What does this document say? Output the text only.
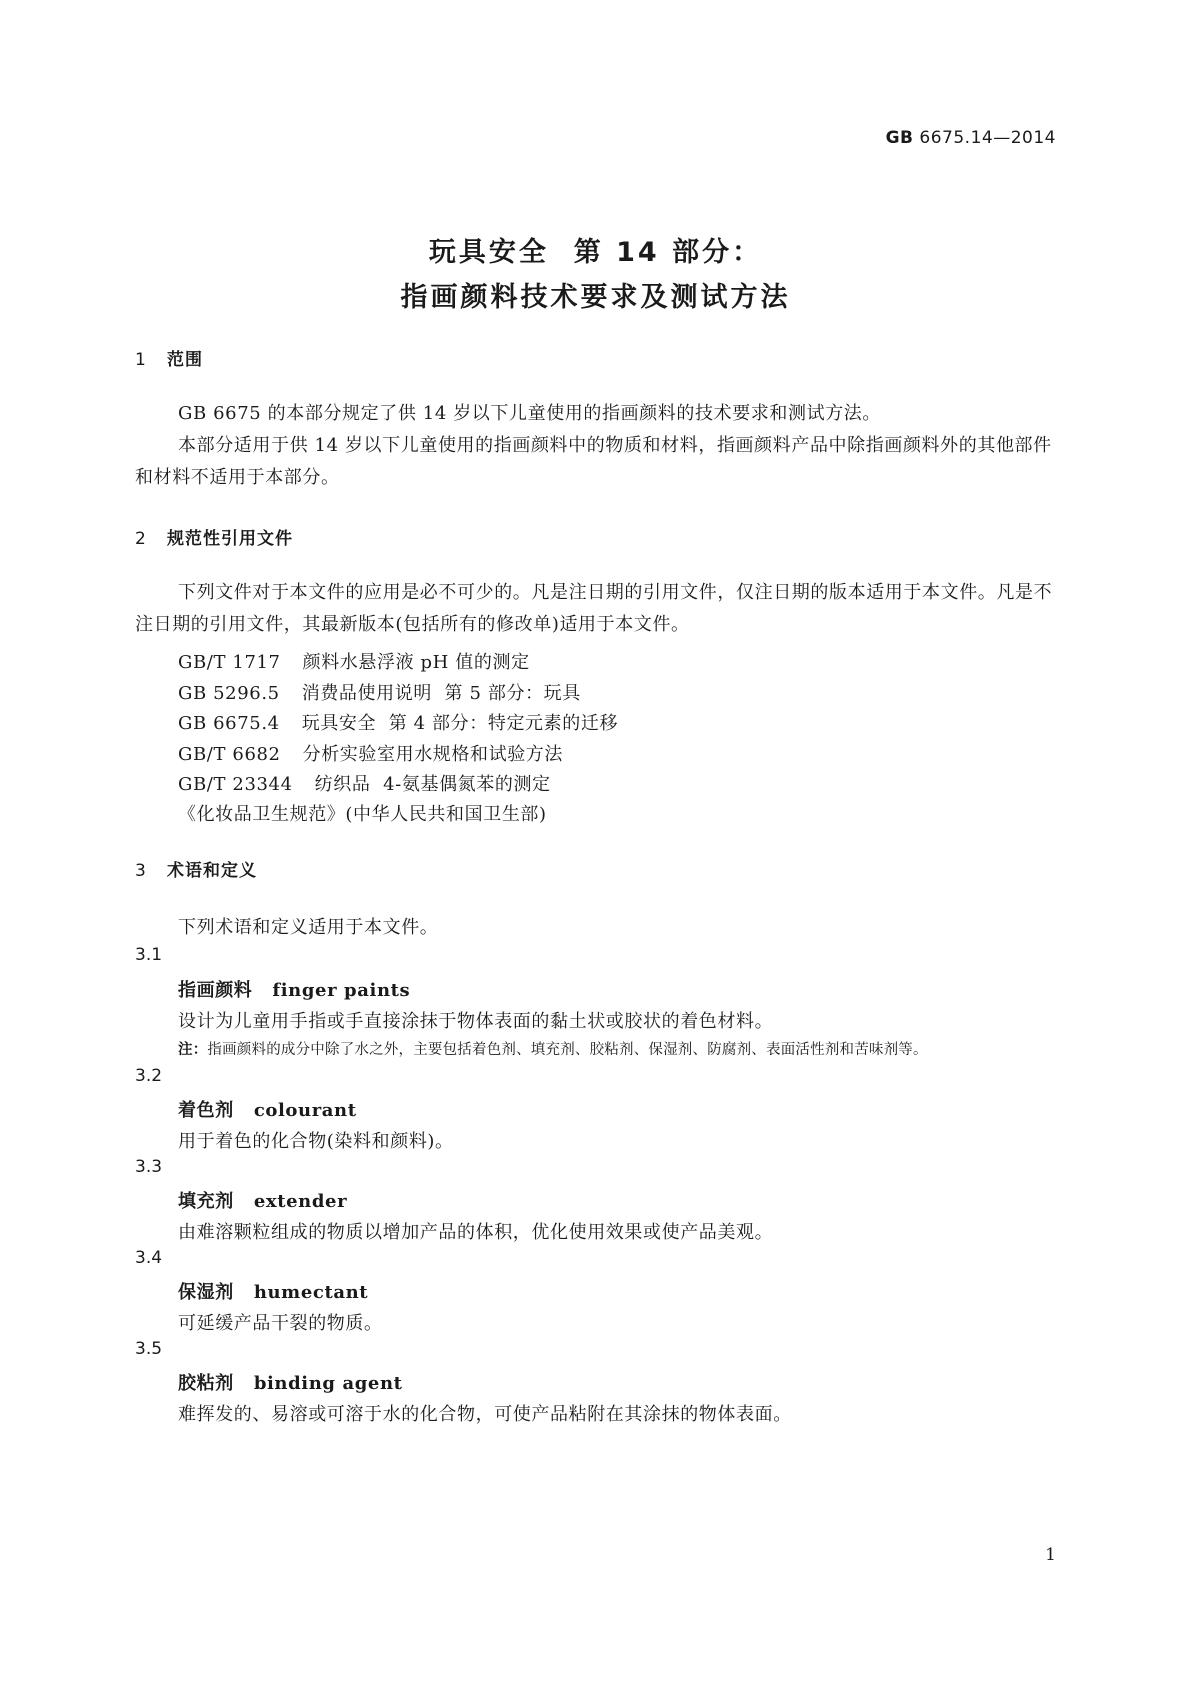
GB 6675.14—2014
玩具安全  第 14 部分：
指画颜料技术要求及测试方法
1 范围
GB 6675 的本部分规定了供 14 岁以下儿童使用的指画颜料的技术要求和测试方法。
本部分适用于供 14 岁以下儿童使用的指画颜料中的物质和材料，指画颜料产品中除指画颜料外的其他部件和材料不适用于本部分。
2 规范性引用文件
下列文件对于本文件的应用是必不可少的。凡是注日期的引用文件，仅注日期的版本适用于本文件。凡是不注日期的引用文件，其最新版本(包括所有的修改单)适用于本文件。
GB/T 1717 颜料水悬浮液 pH 值的测定
GB 5296.5 消费品使用说明  第 5 部分：玩具
GB 6675.4 玩具安全  第 4 部分：特定元素的迁移
GB/T 6682 分析实验室用水规格和试验方法
GB/T 23344 纺织品  4-氨基偶氮苯的测定
《化妆品卫生规范》(中华人民共和国卫生部)
3 术语和定义
下列术语和定义适用于本文件。
3.1
指画颜料 finger paints
设计为儿童用手指或手直接涂抹于物体表面的黏土状或胶状的着色材料。
注：指画颜料的成分中除了水之外，主要包括着色剂、填充剂、胶粘剂、保湿剂、防腐剂、表面活性剂和苦味剂等。
3.2
着色剂 colourant
用于着色的化合物(染料和颜料)。
3.3
填充剂 extender
由难溶颗粒组成的物质以增加产品的体积，优化使用效果或使产品美观。
3.4
保湿剂 humectant
可延缓产品干裂的物质。
3.5
胶粘剂 binding agent
难挥发的、易溶或可溶于水的化合物，可使产品粘附在其涂抹的物体表面。
1
